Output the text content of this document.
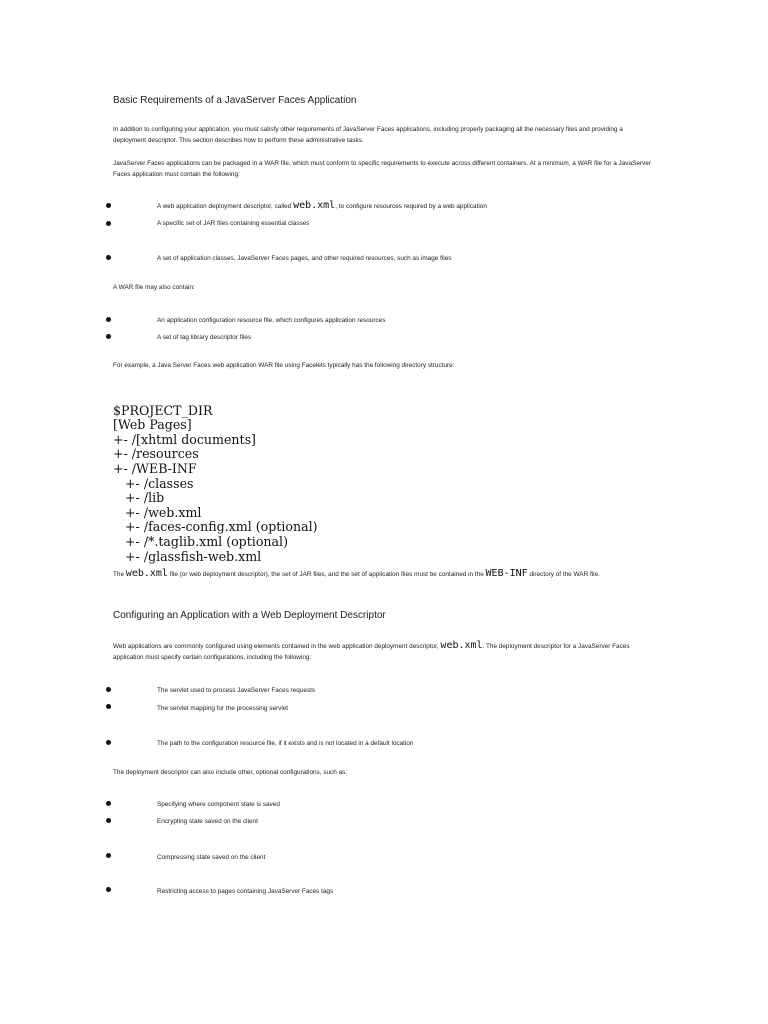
Basic Requirements of a JavaServer Faces Application
In addition to configuring your application, you must satisfy other requirements of JavaServer Faces applications, including properly packaging all the necessary files and providing a deployment descriptor. This section describes how to perform these administrative tasks.
JavaServer Faces applications can be packaged in a WAR file, which must conform to specific requirements to execute across different containers. At a minimum, a WAR file for a JavaServer Faces application must contain the following:
A web application deployment descriptor, called web.xml, to configure resources required by a web application
A specific set of JAR files containing essential classes
A set of application classes, JavaServer Faces pages, and other required resources, such as image files
A WAR file may also contain:
An application configuration resource file, which configures application resources
A set of tag library descriptor files
For example, a Java Server Faces web application WAR file using Facelets typically has the following directory structure:

$PROJECT_DIR
[Web Pages]
+- /[xhtml documents]
+- /resources
+- /WEB-INF
+- /classes
+- /lib
+- /web.xml
+- /faces-config.xml (optional)
+- /*.taglib.xml (optional)
+- /glassfish-web.xml

The web.xml file (or web deployment descriptor), the set of JAR files, and the set of application files must be contained in the WEB-INF directory of the WAR file.
Configuring an Application with a Web Deployment Descriptor
Web applications are commonly configured using elements contained in the web application deployment descriptor, web.xml. The deployment descriptor for a JavaServer Faces application must specify certain configurations, including the following:
The servlet used to process JavaServer Faces requests
The servlet mapping for the processing servlet
The path to the configuration resource file, if it exists and is not located in a default location
The deployment descriptor can also include other, optional configurations, such as:
Specifying where component state is saved
Encrypting state saved on the client
Compressing state saved on the client
Restricting access to pages containing JavaServer Faces tags
